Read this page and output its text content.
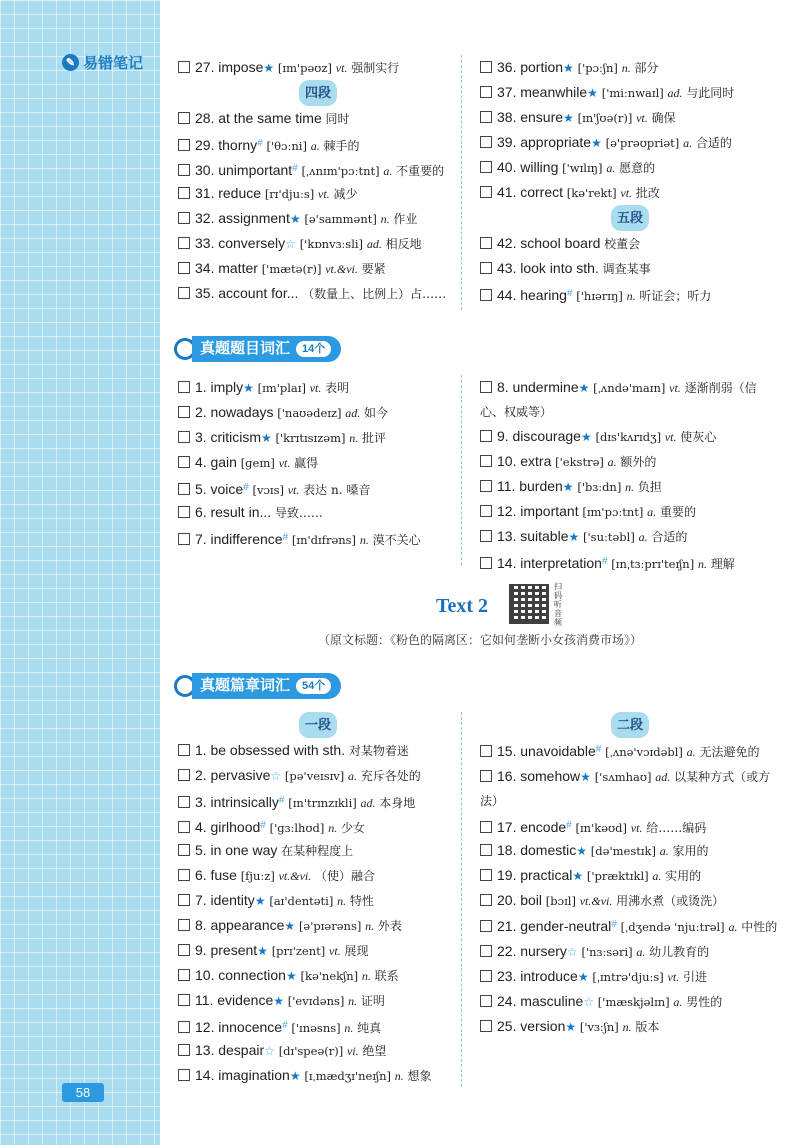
✎ 易错笔记
58
27. impose★ [ɪm'pəʊz] vt. 强制实行
四段
28. at the same time 同时
29. thorny# ['θɔːni] a. 棘手的
30. unimportant# [ˌʌnɪm'pɔːtnt] a. 不重要的
31. reduce [rɪ'djuːs] vt. 减少
32. assignment★ [ə'saɪnmənt] n. 作业
33. conversely☆ ['kɒnvɜːsli] ad. 相反地
34. matter ['mætə(r)] vt.&vi. 要紧
35. account for... （数量上、比例上）占……
36. portion★ ['pɔːʃn] n. 部分
37. meanwhile★ ['miːnwaɪl] ad. 与此同时
38. ensure★ [ɪn'ʃʊə(r)] vt. 确保
39. appropriate★ [ə'prəʊpriət] a. 合适的
40. willing ['wɪlɪŋ] a. 愿意的
41. correct [kə'rekt] vt. 批改
五段
42. school board 校董会
43. look into sth. 调查某事
44. hearing# ['hɪərɪŋ] n. 听证会；听力
真题题目词汇	14个
1. imply★ [ɪm'plaɪ] vt. 表明
2. nowadays ['naʊədeɪz] ad. 如今
3. criticism★ ['krɪtɪsɪzəm] n. 批评
4. gain [ɡeɪn] vt. 赢得
5. voice# [vɔɪs] vt. 表达 n. 嗓音
6. result in... 导致……
7. indifference# [ɪn'dɪfrəns] n. 漠不关心
8. undermine★ [ˌʌndə'maɪn] vt. 逐渐削弱（信心、权威等）
9. discourage★ [dɪs'kʌrɪdʒ] vt. 使灰心
10. extra ['ekstrə] a. 额外的
11. burden★ ['bɜːdn] n. 负担
12. important [ɪm'pɔːtnt] a. 重要的
13. suitable★ ['suːtəbl] a. 合适的
14. interpretation# [ɪnˌtɜːprɪ'teɪʃn] n. 理解
Text 2
扫码听音频
（原文标题：《粉色的隔离区：它如何垄断小女孩消费市场》）
真题篇章词汇	54个
一段
1. be obsessed with sth. 对某物着迷
2. pervasive☆ [pə'veɪsɪv] a. 充斥各处的
3. intrinsically# [ɪn'trɪnzɪkli] ad. 本身地
4. girlhood# ['ɡɜːlhʊd] n. 少女
5. in one way 在某种程度上
6. fuse [fjuːz] vt.&vi. （使）融合
7. identity★ [aɪ'dentəti] n. 特性
8. appearance★ [ə'pɪərəns] n. 外表
9. present★ [prɪ'zent] vt. 展现
10. connection★ [kə'nekʃn] n. 联系
11. evidence★ ['evɪdəns] n. 证明
12. innocence# ['ɪnəsns] n. 纯真
13. despair☆ [dɪ'speə(r)] vi. 绝望
14. imagination★ [ɪˌmædʒɪ'neɪʃn] n. 想象
二段
15. unavoidable# [ˌʌnə'vɔɪdəbl] a. 无法避免的
16. somehow★ ['sʌmhaʊ] ad. 以某种方式（或方法）
17. encode# [ɪn'kəʊd] vt. 给……编码
18. domestic★ [də'mestɪk] a. 家用的
19. practical★ ['præktɪkl] a. 实用的
20. boil [bɔɪl] vt.&vi. 用沸水煮（或烫洗）
21. gender-neutral# [ˌdʒendə 'njuːtrəl] a. 中性的
22. nursery☆ ['nɜːsəri] a. 幼儿教育的
23. introduce★ [ˌɪntrə'djuːs] vt. 引进
24. masculine☆ ['mæskjəlɪn] a. 男性的
25. version★ ['vɜːʃn] n. 版本
